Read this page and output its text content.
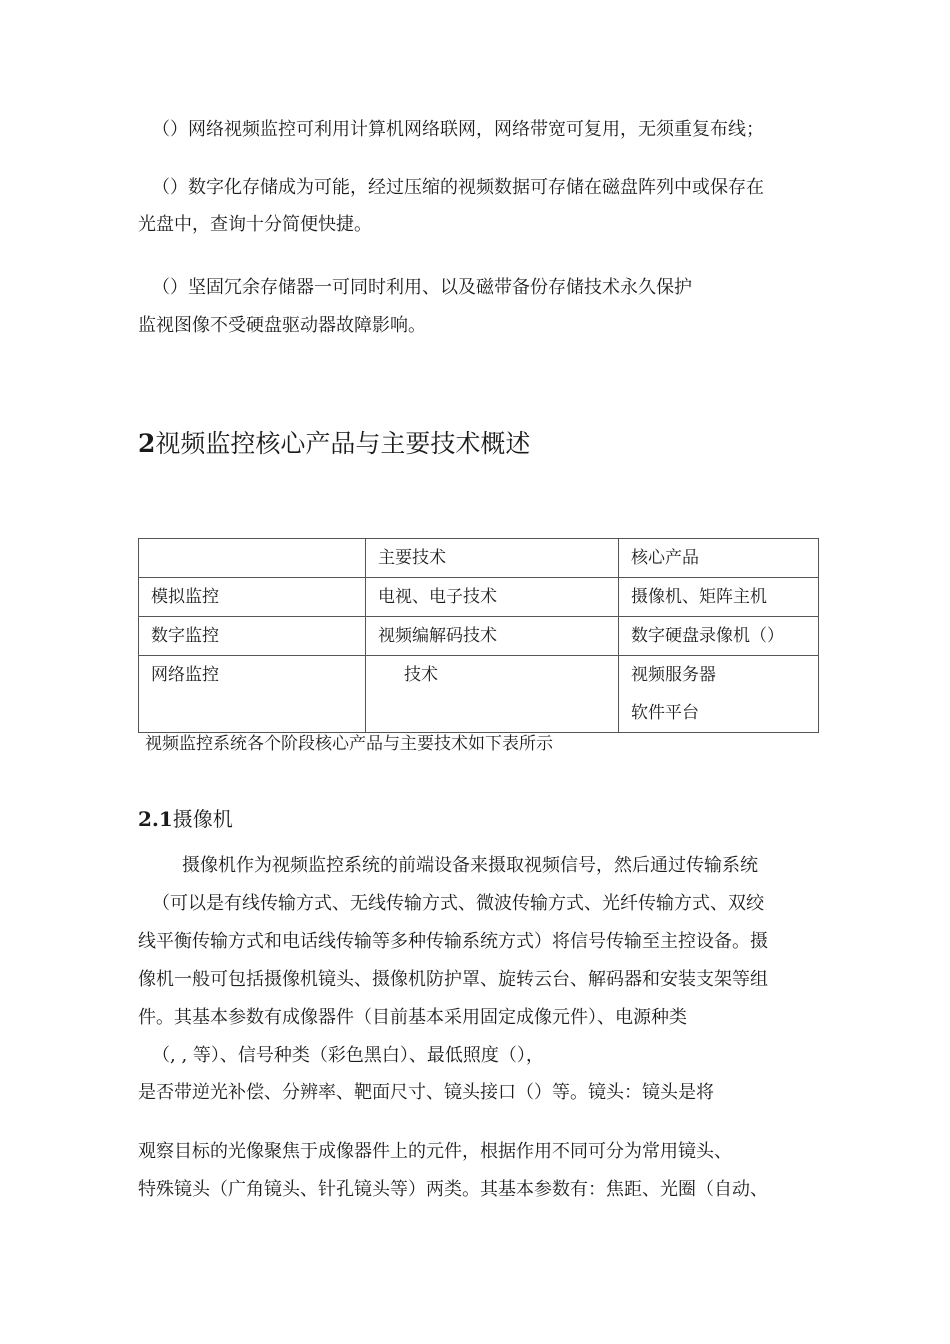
（）网络视频监控可利用计算机网络联网，网络带宽可复用，无须重复布线；
（）数字化存储成为可能，经过压缩的视频数据可存储在磁盘阵列中或保存在
光盘中，查询十分简便快捷。
（）坚固冗余存储器一可同时利用、以及磁带备份存储技术永久保护
监视图像不受硬盘驱动器故障影响。
2视频监控核心产品与主要技术概述
	主要技术	核心产品
模拟监控	电视、电子技术	摄像机、矩阵主机
数字监控	视频编解码技术	数字硬盘录像机（）
网络监控	技术	视频服务器
软件平台
视频监控系统各个阶段核心产品与主要技术如下表所示
2.1摄像机
摄像机作为视频监控系统的前端设备来摄取视频信号，然后通过传输系统
（可以是有线传输方式、无线传输方式、微波传输方式、光纤传输方式、双绞
线平衡传输方式和电话线传输等多种传输系统方式）将信号传输至主控设备。摄
像机一般可包括摄像机镜头、摄像机防护罩、旋转云台、解码器和安装支架等组
件。其基本参数有成像器件（目前基本采用固定成像元件）、电源种类
（, , 等）、信号种类（彩色黑白）、最低照度（），
是否带逆光补偿、分辨率、靶面尺寸、镜头接口（）等。镜头：镜头是将
观察目标的光像聚焦于成像器件上的元件，根据作用不同可分为常用镜头、
特殊镜头（广角镜头、针孔镜头等）两类。其基本参数有：焦距、光圈（自动、
